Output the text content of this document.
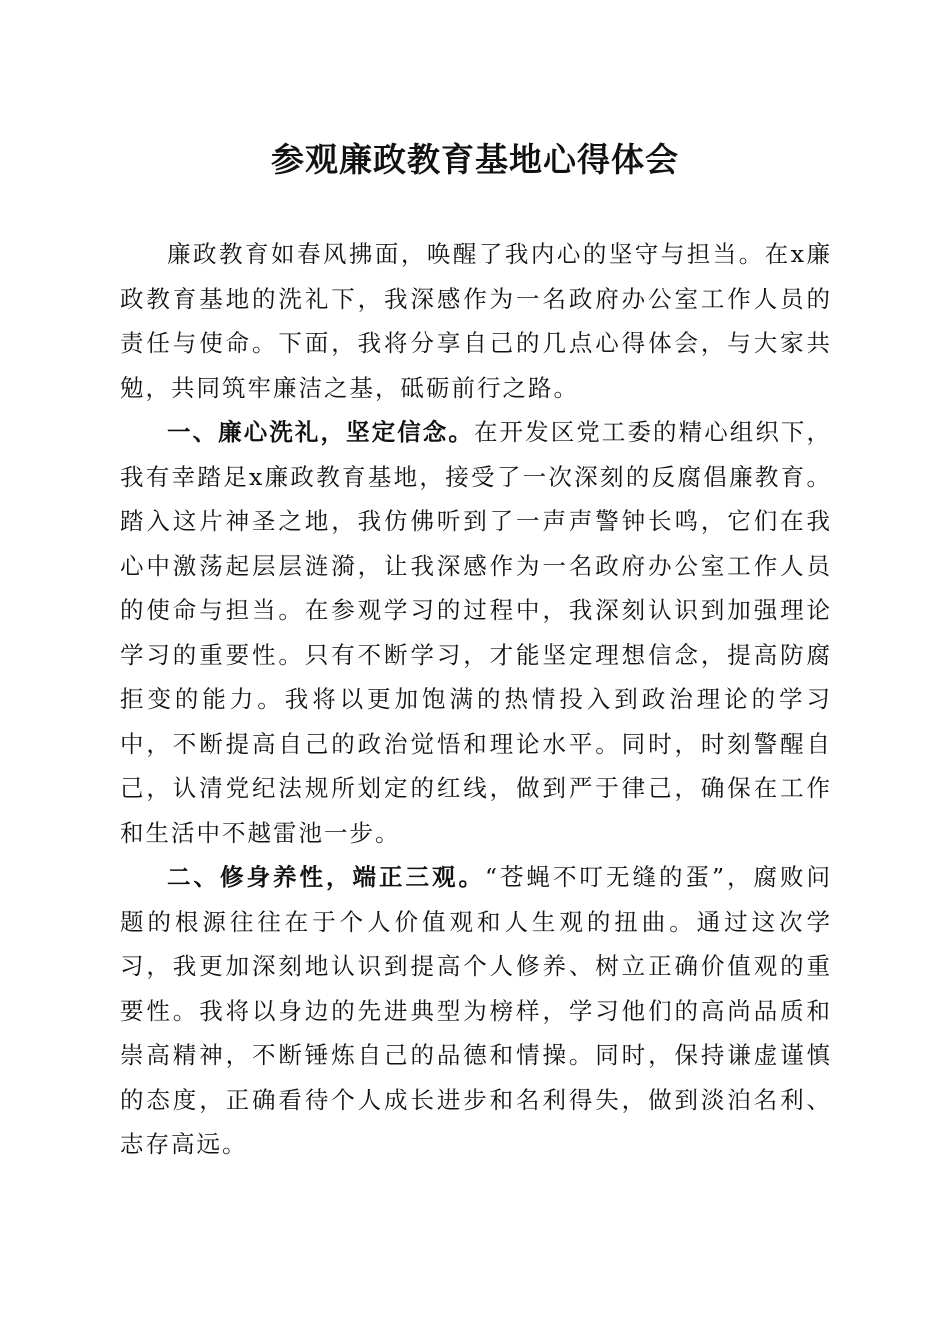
参观廉政教育基地心得体会

廉政教育如春风拂面，唤醒了我内心的坚守与担当。在x廉政教育基地的洗礼下，我深感作为一名政府办公室工作人员的责任与使命。下面，我将分享自己的几点心得体会，与大家共勉，共同筑牢廉洁之基，砥砺前行之路。

一、廉心洗礼，坚定信念。在开发区党工委的精心组织下，我有幸踏足x廉政教育基地，接受了一次深刻的反腐倡廉教育。踏入这片神圣之地，我仿佛听到了一声声警钟长鸣，它们在我心中激荡起层层涟漪，让我深感作为一名政府办公室工作人员的使命与担当。在参观学习的过程中，我深刻认识到加强理论学习的重要性。只有不断学习，才能坚定理想信念，提高防腐拒变的能力。我将以更加饱满的热情投入到政治理论的学习中，不断提高自己的政治觉悟和理论水平。同时，时刻警醒自己，认清党纪法规所划定的红线，做到严于律己，确保在工作和生活中不越雷池一步。

二、修身养性，端正三观。“苍蝇不叮无缝的蛋”，腐败问题的根源往往在于个人价值观和人生观的扭曲。通过这次学习，我更加深刻地认识到提高个人修养、树立正确价值观的重要性。我将以身边的先进典型为榜样，学习他们的高尚品质和崇高精神，不断锤炼自己的品德和情操。同时，保持谦虚谨慎的态度，正确看待个人成长进步和名利得失，做到淡泊名利、志存高远。
